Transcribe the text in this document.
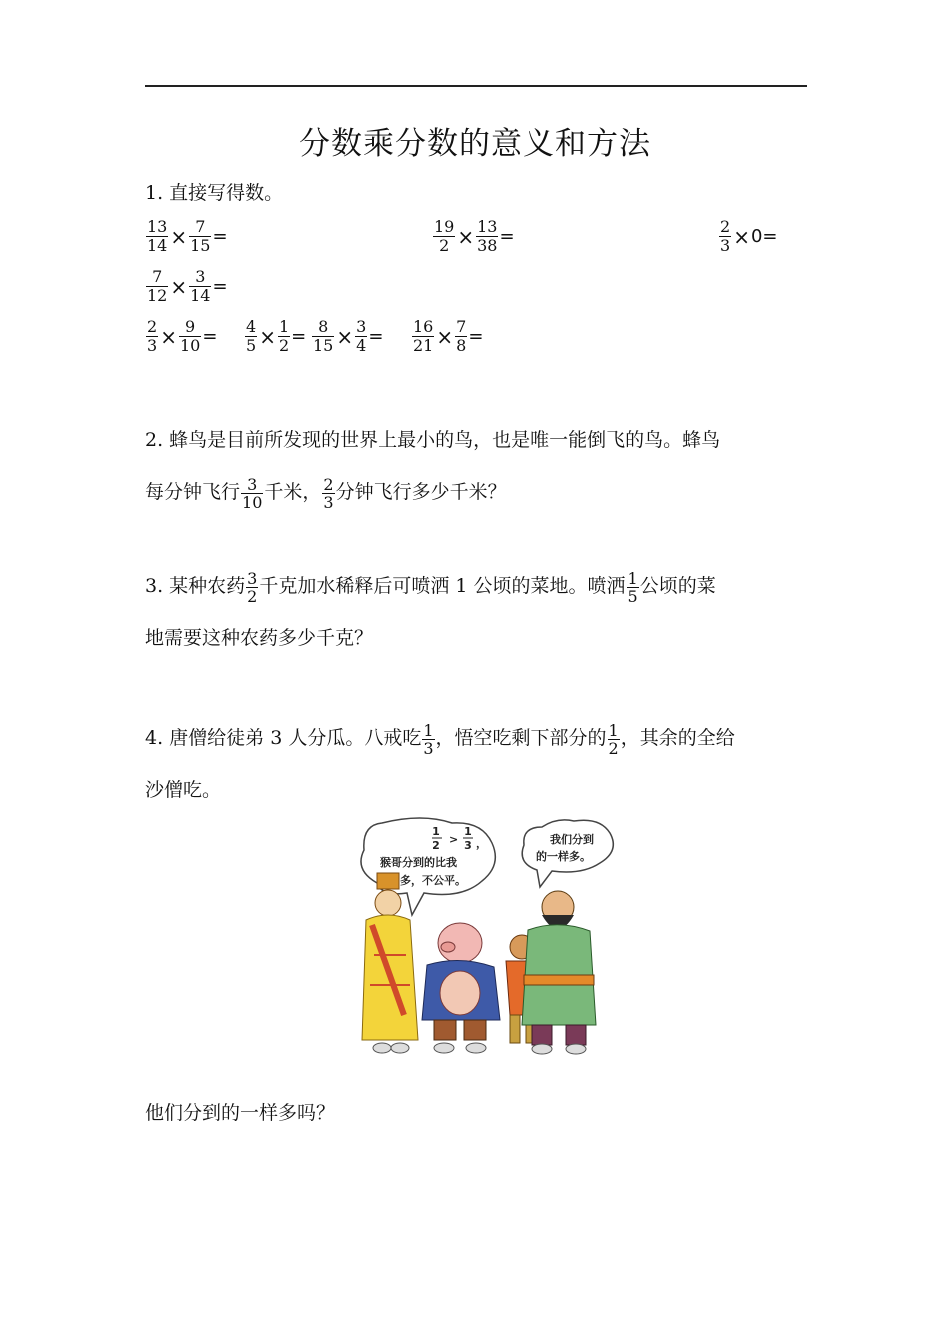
分数乘分数的意义和方法
1. 直接写得数。
$\frac{13}{14} \times \frac{7}{15}$ =	$\frac{19}{2} \times \frac{13}{38}$ =	$\frac{2}{3} \times 0=$
$\frac{7}{12} \times \frac{3}{14}$ =
$\frac{2}{3} \times \frac{9}{10} = \frac{4}{5} \times \frac{1}{2} = \frac{8}{15} \times \frac{3}{4} = \frac{16}{21} \times \frac{7}{8}$ =
2. 蜂鸟是目前所发现的世界上最小的鸟，也是唯一能倒飞的鸟。蜂鸟
每分钟飞行 $\frac{3}{10}$ 千米， $\frac{2}{3}$ 分钟飞行多少千米？
3. 某种农药 $\frac{3}{2}$ 千克加水稀释后可喷洒 1 公顷的菜地。喷洒 $\frac{1}{5}$ 公顷的菜
地需要这种农药多少千克？
4. 唐僧给徒弟 3 人分瓜。八戒吃 $\frac{1}{3}$ ，悟空吃剩下部分的 $\frac{1}{2}$ ，其余的全给
沙僧吃。
1
2 >
1
3 ，
猴哥分到的比我
多，不公平。
我们分到
的一样多。
他们分到的一样多吗？
